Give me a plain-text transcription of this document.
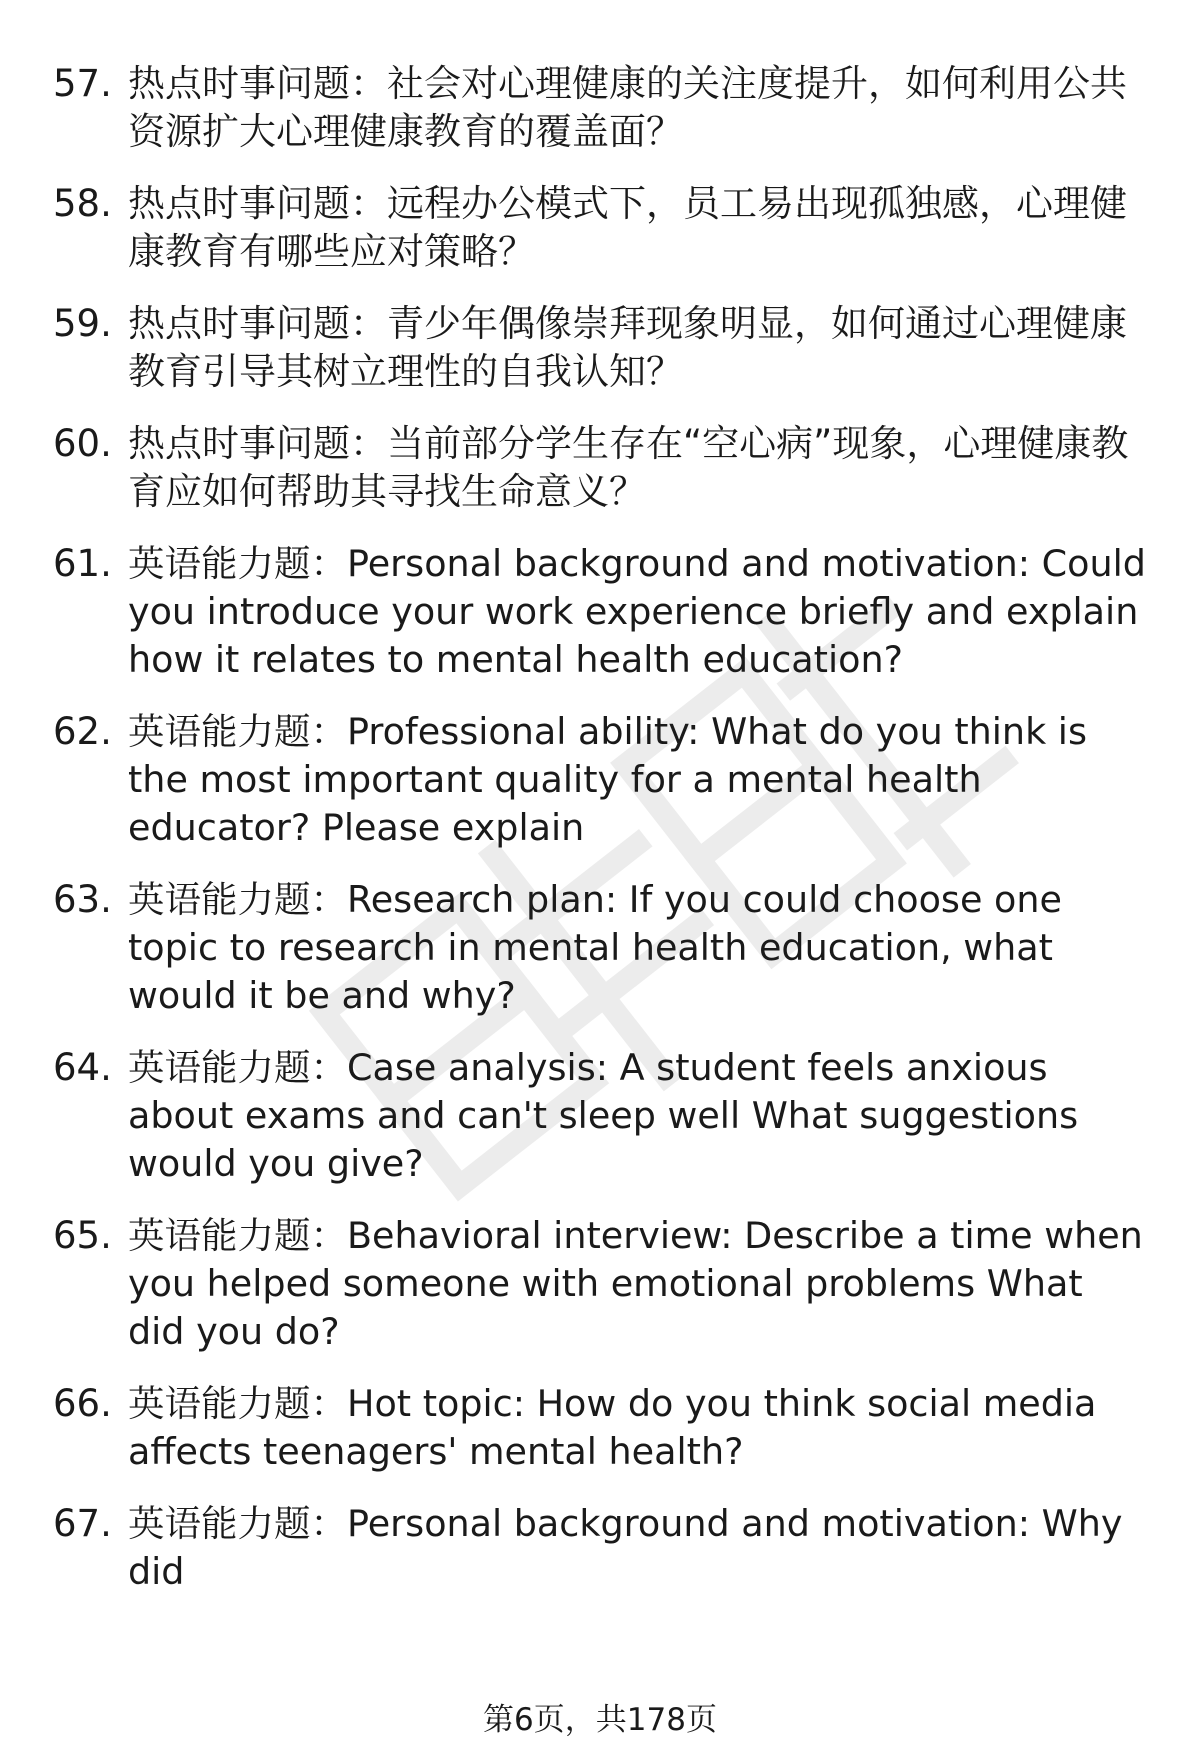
57. 热点时事问题：社会对心理健康的关注度提升，如何利用公共资源扩大心理健康教育的覆盖面？
58. 热点时事问题：远程办公模式下，员工易出现孤独感，心理健康教育有哪些应对策略？
59. 热点时事问题：青少年偶像崇拜现象明显，如何通过心理健康教育引导其树立理性的自我认知？
60. 热点时事问题：当前部分学生存在“空心病”现象，心理健康教育应如何帮助其寻找生命意义？
61. 英语能力题：Personal background and motivation: Could you introduce your work experience briefly and explain how it relates to mental health education?
62. 英语能力题：Professional ability: What do you think is the most important quality for a mental health educator? Please explain
63. 英语能力题：Research plan: If you could choose one topic to research in mental health education, what would it be and why?
64. 英语能力题：Case analysis: A student feels anxious about exams and can't sleep well What suggestions would you give?
65. 英语能力题：Behavioral interview: Describe a time when you helped someone with emotional problems What did you do?
66. 英语能力题：Hot topic: How do you think social media affects teenagers' mental health?
67. 英语能力题：Personal background and motivation: Why did
第6页，共178页
